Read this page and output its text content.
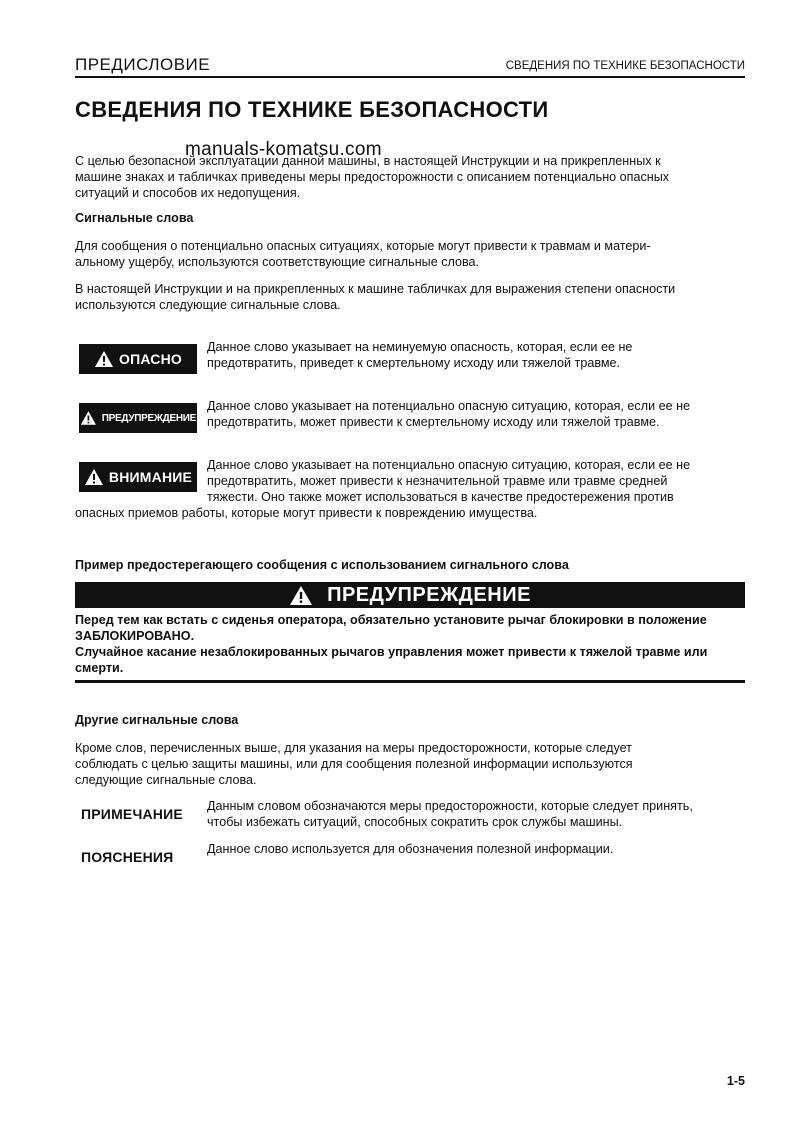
ПРЕДИСЛОВИЕ	СВЕДЕНИЯ ПО ТЕХНИКЕ БЕЗОПАСНОСТИ
СВЕДЕНИЯ ПО ТЕХНИКЕ БЕЗОПАСНОСТИ
manuals-komatsu.com

С целью безопасной эксплуатации данной машины, в настоящей Инструкции и на прикрепленных к

машине знаках и табличках приведены меры предосторожности с описанием потенциально опасных

ситуаций и способов их недопущения.

Сигнальные слова

Для сообщения о потенциально опасных ситуациях, которые могут привести к травмам и матери-

альному ущербу, используются соответствующие сигнальные слова.

В настоящей Инструкции и на прикрепленных к машине табличках для выражения степени опасности

используются следующие сигнальные слова.

ОПАСНО

Данное слово указывает на неминуемую опасность, которая, если ее не

предотвратить, приведет к смертельному исходу или тяжелой травме.

ПРЕДУПРЕЖДЕНИЕ

Данное слово указывает на потенциально опасную ситуацию, которая, если ее не

предотвратить, может привести к смертельному исходу или тяжелой травме.

ВНИМАНИЕ

Данное слово указывает на потенциально опасную ситуацию, которая, если ее не

предотвратить, может привести к незначительной травме или травме средней

тяжести. Оно также может использоваться в качестве предостережения против

опасных приемов работы, которые могут привести к повреждению имущества.

Пример предостерегающего сообщения с использованием сигнального слова
ПРЕДУПРЕЖДЕНИЕ

Перед тем как встать с сиденья оператора, обязательно установите рычаг блокировки в положение

ЗАБЛОКИРОВАНО.

Случайное касание незаблокированных рычагов управления может привести к тяжелой травме или

смерти.

Другие сигнальные слова

Кроме слов, перечисленных выше, для указания на меры предосторожности, которые следует

соблюдать с целью защиты машины, или для сообщения полезной информации используются

следующие сигнальные слова.

ПРИМЕЧАНИЕ Данным словом обозначаются меры предосторожности, которые следует принять,

чтобы избежать ситуаций, способных сократить срок службы машины.

ПОЯСНЕНИЯ	Данное слово используется для обозначения полезной информации.

1-5
